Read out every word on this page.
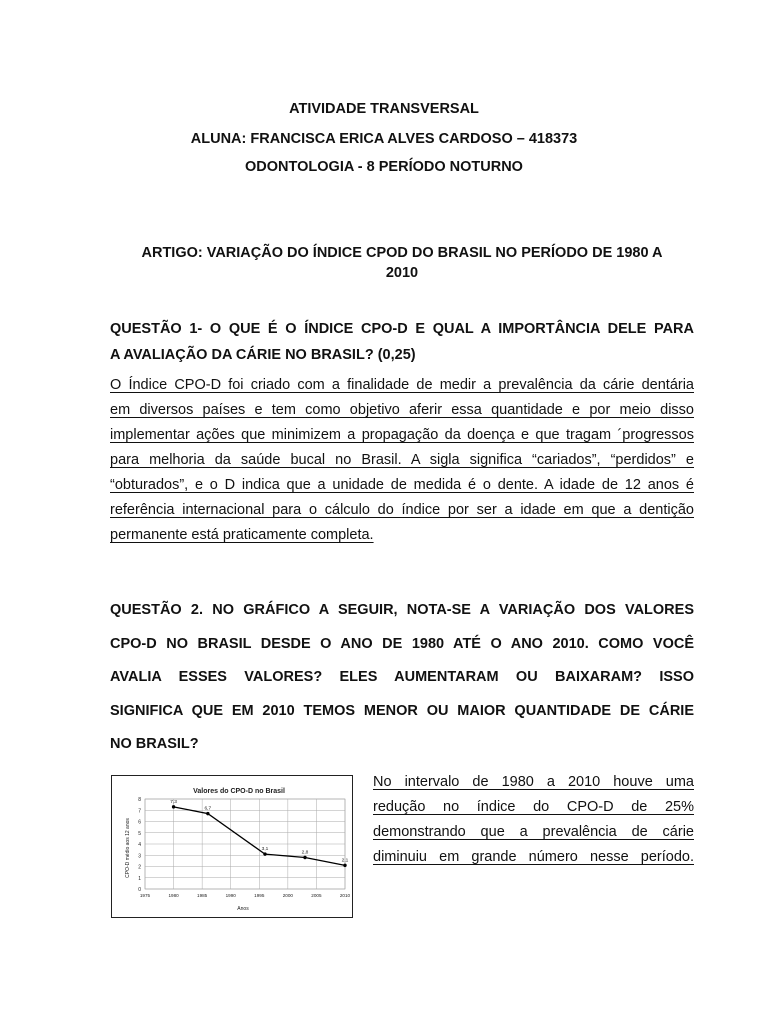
ATIVIDADE TRANSVERSAL
ALUNA: FRANCISCA ERICA ALVES CARDOSO – 418373
ODONTOLOGIA - 8 PERÍODO NOTURNO
ARTIGO: VARIAÇÃO DO ÍNDICE CPOD DO BRASIL NO PERÍODO DE 1980 A
2010
QUESTÃO 1- O QUE É O ÍNDICE CPO-D E QUAL A IMPORTÂNCIA DELE PARA
A AVALIAÇÃO DA CÁRIE NO BRASIL? (0,25)
O Índice CPO-D foi criado com a finalidade de medir a prevalência da cárie dentária
em diversos países e tem como objetivo aferir essa quantidade e por meio disso
implementar ações que minimizem a propagação da doença e que tragam ´progressos
para melhoria da saúde bucal no Brasil. A sigla significa “cariados”, “perdidos” e
“obturados”, e o D indica que a unidade de medida é o dente. A idade de 12 anos é
referência internacional para o cálculo do índice por ser a idade em que a dentição
permanente está praticamente completa.
QUESTÃO 2. NO GRÁFICO A SEGUIR, NOTA-SE A VARIAÇÃO DOS VALORES
CPO-D NO BRASIL DESDE O ANO DE 1980 ATÉ O ANO 2010. COMO VOCÊ
AVALIA ESSES VALORES? ELES AUMENTARAM OU BAIXARAM? ISSO
SIGNIFICA QUE EM 2010 TEMOS MENOR OU MAIOR QUANTIDADE DE CÁRIE
NO BRASIL?
Valores do CPO-D no Brasil
CPO-D médio aos 12 anos
Anos
0
1
2
3
4
5
6
7
8
1975	1980	1985	1990	1995	2000	2005	2010
7,3
6,7
3,1
2,8
2,1
No intervalo de 1980 a 2010 houve uma
redução no índice do CPO-D de 25%
demonstrando que a prevalência de cárie
diminuiu em grande número nesse período.
